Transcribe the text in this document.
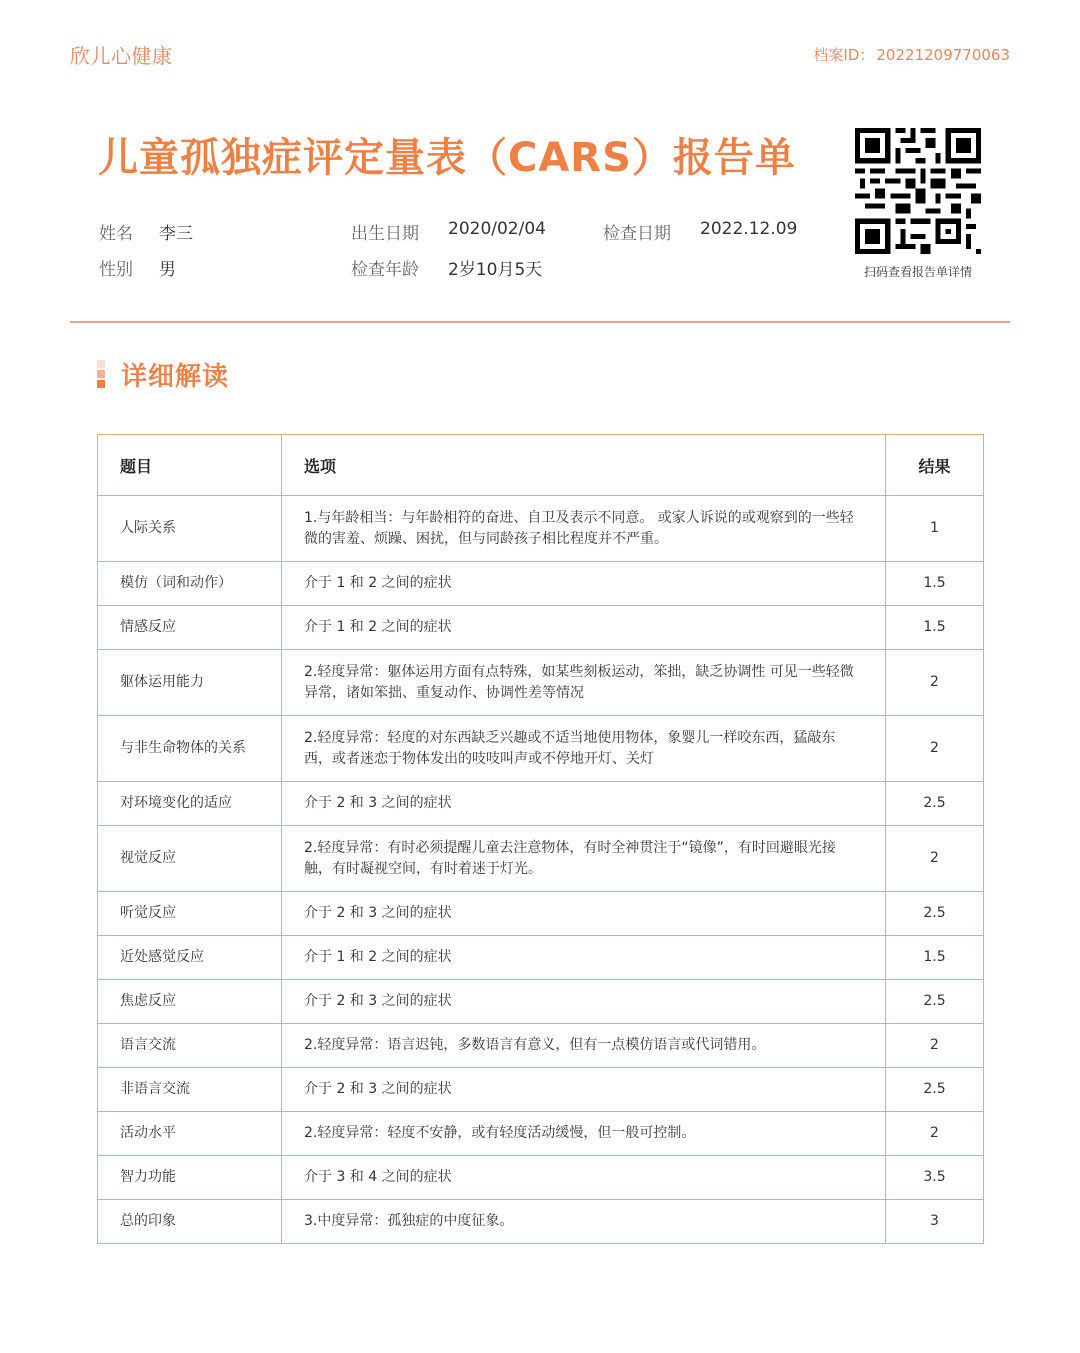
欣儿心健康	档案ID： 20221209770063
儿童孤独症评定量表（CARS）报告单
扫码查看报告单详情
姓名 李三
性别 男
出生日期 2020/02/04
检查年龄 2岁10月5天
检查日期 2022.12.09
详细解读
题目	选项	结果
人际关系	1.与年龄相当：与年龄相符的奋进、自卫及表示不同意。 或家人诉说的或观察到的一些轻微的害羞、烦躁、困扰，但与同龄孩子相比程度并不严重。	1
模仿（词和动作）	介于 1 和 2 之间的症状	1.5
情感反应	介于 1 和 2 之间的症状	1.5
躯体运用能力	2.轻度异常：躯体运用方面有点特殊，如某些刻板运动，笨拙，缺乏协调性 可见一些轻微异常，诸如笨拙、重复动作、协调性差等情况	2
与非生命物体的关系	2.轻度异常：轻度的对东西缺乏兴趣或不适当地使用物体，象婴儿一样咬东西，猛敲东西，或者迷恋于物体发出的吱吱叫声或不停地开灯、关灯	2
对环境变化的适应	介于 2 和 3 之间的症状	2.5
视觉反应	2.轻度异常：有时必须提醒儿童去注意物体，有时全神贯注于“镜像”，有时回避眼光接触，有时凝视空间，有时着迷于灯光。	2
听觉反应	介于 2 和 3 之间的症状	2.5
近处感觉反应	介于 1 和 2 之间的症状	1.5
焦虑反应	介于 2 和 3 之间的症状	2.5
语言交流	2.轻度异常：语言迟钝，多数语言有意义，但有一点模仿语言或代词错用。	2
非语言交流	介于 2 和 3 之间的症状	2.5
活动水平	2.轻度异常：轻度不安静，或有轻度活动缓慢，但一般可控制。	2
智力功能	介于 3 和 4 之间的症状	3.5
总的印象	3.中度异常：孤独症的中度征象。	3
